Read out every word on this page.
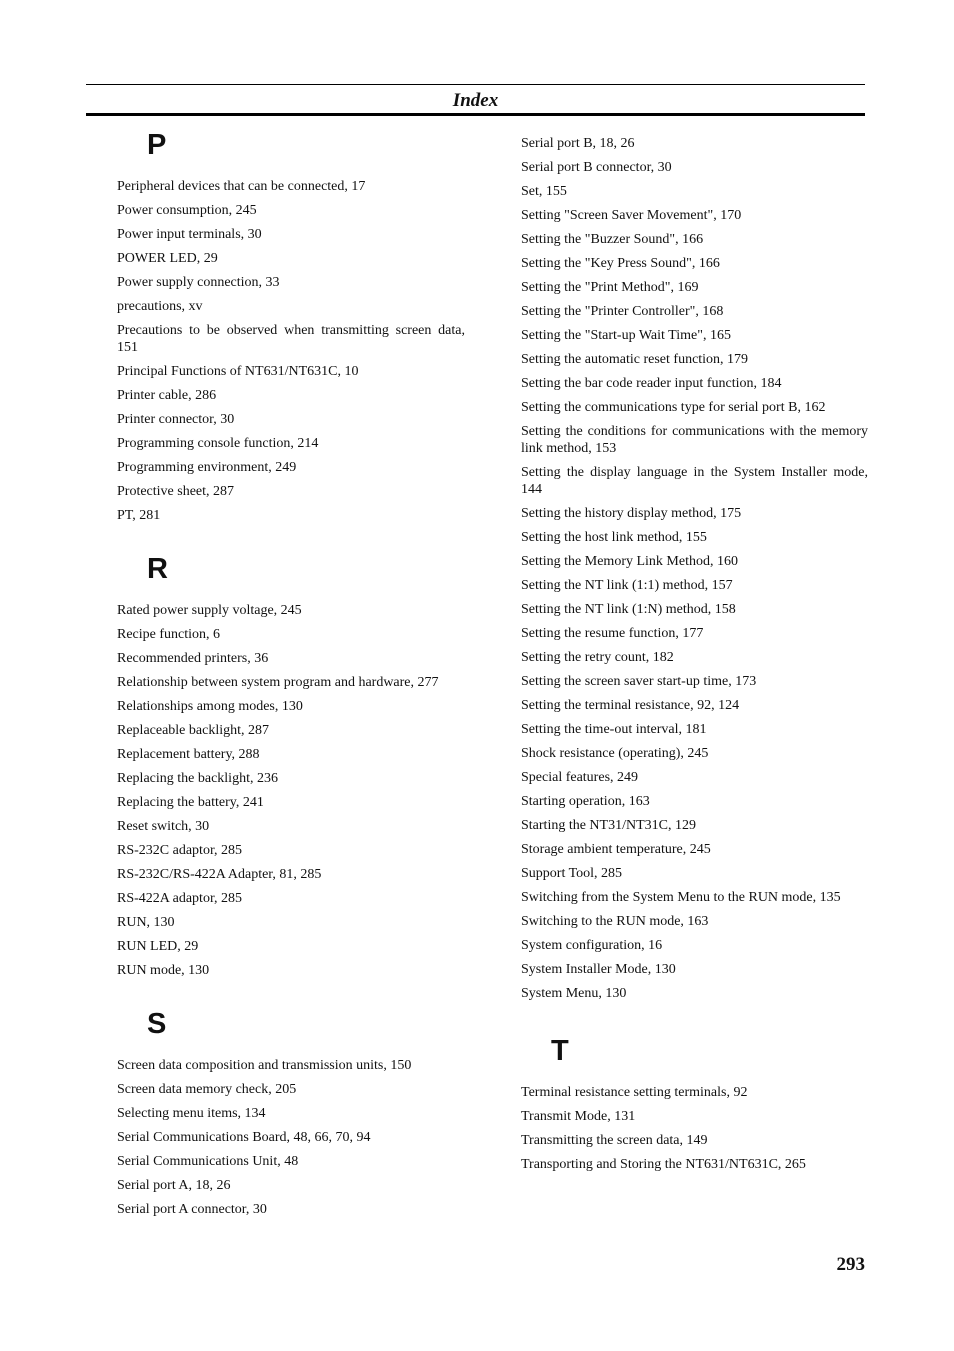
Index
P
Peripheral devices that can be connected, 17
Power consumption, 245
Power input terminals, 30
POWER LED, 29
Power supply connection, 33
precautions, xv
Precautions to be observed when transmitting screen data, 151
Principal Functions of NT631/NT631C, 10
Printer cable, 286
Printer connector, 30
Programming console function, 214
Programming environment, 249
Protective sheet, 287
PT, 281
R
Rated power supply voltage, 245
Recipe function, 6
Recommended printers, 36
Relationship between system program and hardware, 277
Relationships among modes, 130
Replaceable backlight, 287
Replacement battery, 288
Replacing the backlight, 236
Replacing the battery, 241
Reset switch, 30
RS-232C adaptor, 285
RS-232C/RS-422A Adapter, 81, 285
RS-422A adaptor, 285
RUN, 130
RUN LED, 29
RUN mode, 130
S
Screen data composition and transmission units, 150
Screen data memory check, 205
Selecting menu items, 134
Serial Communications Board, 48, 66, 70, 94
Serial Communications Unit, 48
Serial port A, 18, 26
Serial port A connector, 30
Serial port B, 18, 26
Serial port B connector, 30
Set, 155
Setting "Screen Saver Movement", 170
Setting the "Buzzer Sound", 166
Setting the "Key Press Sound", 166
Setting the "Print Method", 169
Setting the "Printer Controller", 168
Setting the "Start-up Wait Time", 165
Setting the automatic reset function, 179
Setting the bar code reader input function, 184
Setting the communications type for serial port B, 162
Setting the conditions for communications with the memory link method, 153
Setting the display language in the System Installer mode, 144
Setting the history display method, 175
Setting the host link method, 155
Setting the Memory Link Method, 160
Setting the NT link (1:1) method, 157
Setting the NT link (1:N) method, 158
Setting the resume function, 177
Setting the retry count, 182
Setting the screen saver start-up time, 173
Setting the terminal resistance, 92, 124
Setting the time-out interval, 181
Shock resistance (operating), 245
Special features, 249
Starting operation, 163
Starting the NT31/NT31C, 129
Storage ambient temperature, 245
Support Tool, 285
Switching from the System Menu to the RUN mode, 135
Switching to the RUN mode, 163
System configuration, 16
System Installer Mode, 130
System Menu, 130
T
Terminal resistance setting terminals, 92
Transmit Mode, 131
Transmitting the screen data, 149
Transporting and Storing the NT631/NT631C, 265
293
